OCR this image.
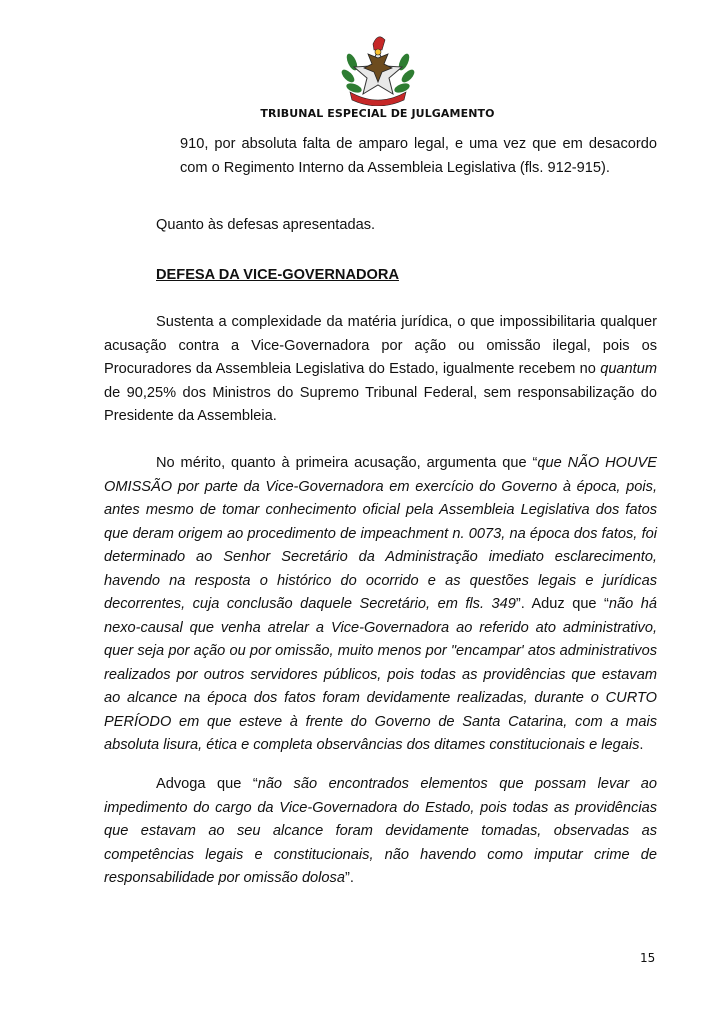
TRIBUNAL ESPECIAL DE JULGAMENTO

910, por absoluta falta de amparo legal, e uma vez que em desacordo com o Regimento Interno da Assembleia Legislativa (fls. 912-915).

Quanto às defesas apresentadas.

DEFESA DA VICE-GOVERNADORA

Sustenta a complexidade da matéria jurídica, o que impossibilitaria qualquer acusação contra a Vice-Governadora por ação ou omissão ilegal, pois os Procuradores da Assembleia Legislativa do Estado, igualmente recebem no quantum de 90,25% dos Ministros do Supremo Tribunal Federal, sem responsabilização do Presidente da Assembleia.

No mérito, quanto à primeira acusação, argumenta que “que NÃO HOUVE OMISSÃO por parte da Vice-Governadora em exercício do Governo à época, pois, antes mesmo de tomar conhecimento oficial pela Assembleia Legislativa dos fatos que deram origem ao procedimento de impeachment n. 0073, na época dos fatos, foi determinado ao Senhor Secretário da Administração imediato esclarecimento, havendo na resposta o histórico do ocorrido e as questões legais e jurídicas decorrentes, cuja conclusão daquele Secretário, em fls. 349”. Aduz que “não há nexo-causal que venha atrelar a Vice-Governadora ao referido ato administrativo, quer seja por ação ou por omissão, muito menos por "encampar' atos administrativos realizados por outros servidores públicos, pois todas as providências que estavam ao alcance na época dos fatos foram devidamente realizadas, durante o CURTO PERÍODO em que esteve à frente do Governo de Santa Catarina, com a mais absoluta lisura, ética e completa observâncias dos ditames constitucionais e legais.

Advoga que “não são encontrados elementos que possam levar ao impedimento do cargo da Vice-Governadora do Estado, pois todas as providências que estavam ao seu alcance foram devidamente tomadas, observadas as competências legais e constitucionais, não havendo como imputar crime de responsabilidade por omissão dolosa”.

15
